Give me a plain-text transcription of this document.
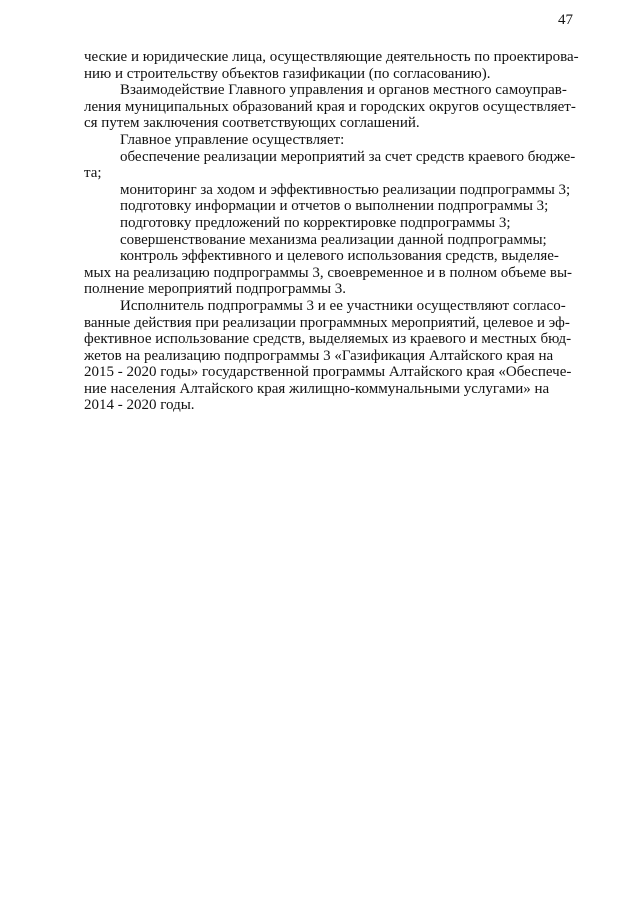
47

ческие и юридические лица, осуществляющие деятельность по проектирова-
нию и строительству объектов газификации (по согласованию).

Взаимодействие Главного управления и органов местного самоупрaв-
ления муниципальных образований края и городских округов осуществляет-
ся путем заключения соответствующих соглашений.

Главное управление осуществляет:

обеспечение реализации мероприятий за счет средств краевого бюдже-
та;

мониторинг за ходом и эффективностью реализации подпрограммы 3;

подготовку информации и отчетов о выполнении подпрограммы 3;

подготовку предложений по корректировке подпрограммы 3;

совершенствование механизма реализации данной подпрограммы;

контроль эффективного и целевого использования средств, выделяе-
мых на реализацию подпрограммы 3, своевременное и в полном объеме вы-
полнение мероприятий подпрограммы 3.

Исполнитель подпрограммы 3 и ее участники осуществляют согласо-
ванные действия при реализации программных мероприятий, целевое и эф-
фективное использование средств, выделяемых из краевого и местных бюд-
жетов на реализацию подпрограммы 3 «Газификация Алтайского края на
2015 - 2020 годы» государственной программы Алтайского края «Обеспече-
ние населения Алтайского края жилищно-коммунальными услугами» на
2014 - 2020 годы.
